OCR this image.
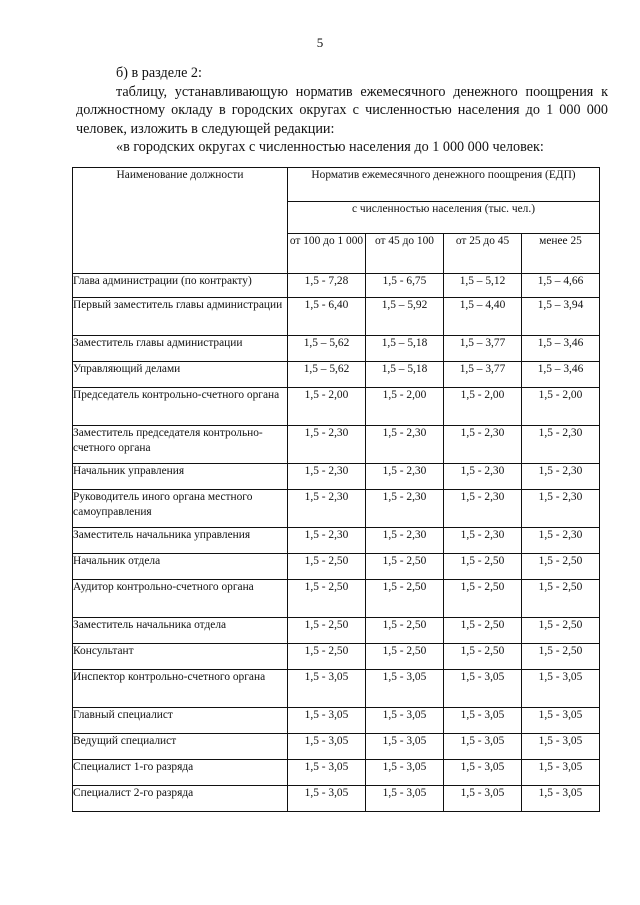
5

б) в разделе 2:

таблицу, устанавливающую норматив ежемесячного денежного поощрения к должностному окладу в городских округах с численностью населения до 1 000 000 человек, изложить в следующей редакции:

«в городских округах с численностью населения до 1 000 000 человек:

Наименование должности	Норматив ежемесячного денежного поощрения (ЕДП)			
	с численностью населения (тыс. чел.)			
	от 100 до 1 000	от 45 до 100	от 25 до 45	менее 25
Глава администрации (по контракту)	1,5 - 7,28	1,5 - 6,75	1,5 – 5,12	1,5 – 4,66
Первый заместитель главы администрации	1,5 - 6,40	1,5 – 5,92	1,5 – 4,40	1,5 – 3,94
Заместитель главы администрации	1,5 – 5,62	1,5 – 5,18	1,5 – 3,77	1,5 – 3,46
Управляющий делами	1,5 – 5,62	1,5 – 5,18	1,5 – 3,77	1,5 – 3,46
Председатель контрольно-счетного органа	1,5 - 2,00	1,5 - 2,00	1,5 - 2,00	1,5 - 2,00
Заместитель председателя контрольно-счетного органа	1,5 - 2,30	1,5 - 2,30	1,5 - 2,30	1,5 - 2,30
Начальник управления	1,5 - 2,30	1,5 - 2,30	1,5 - 2,30	1,5 - 2,30
Руководитель иного органа местного самоуправления	1,5 - 2,30	1,5 - 2,30	1,5 - 2,30	1,5 - 2,30
Заместитель начальника управления	1,5 - 2,30	1,5 - 2,30	1,5 - 2,30	1,5 - 2,30
Начальник отдела	1,5 - 2,50	1,5 - 2,50	1,5 - 2,50	1,5 - 2,50
Аудитор контрольно-счетного органа	1,5 - 2,50	1,5 - 2,50	1,5 - 2,50	1,5 - 2,50
Заместитель начальника отдела	1,5 - 2,50	1,5 - 2,50	1,5 - 2,50	1,5 - 2,50
Консультант	1,5 - 2,50	1,5 - 2,50	1,5 - 2,50	1,5 - 2,50
Инспектор контрольно-счетного органа	1,5 - 3,05	1,5 - 3,05	1,5 - 3,05	1,5 - 3,05
Главный специалист	1,5 - 3,05	1,5 - 3,05	1,5 - 3,05	1,5 - 3,05
Ведущий специалист	1,5 - 3,05	1,5 - 3,05	1,5 - 3,05	1,5 - 3,05
Специалист 1-го разряда	1,5 - 3,05	1,5 - 3,05	1,5 - 3,05	1,5 - 3,05
Специалист 2-го разряда	1,5 - 3,05	1,5 - 3,05	1,5 - 3,05	1,5 - 3,05
